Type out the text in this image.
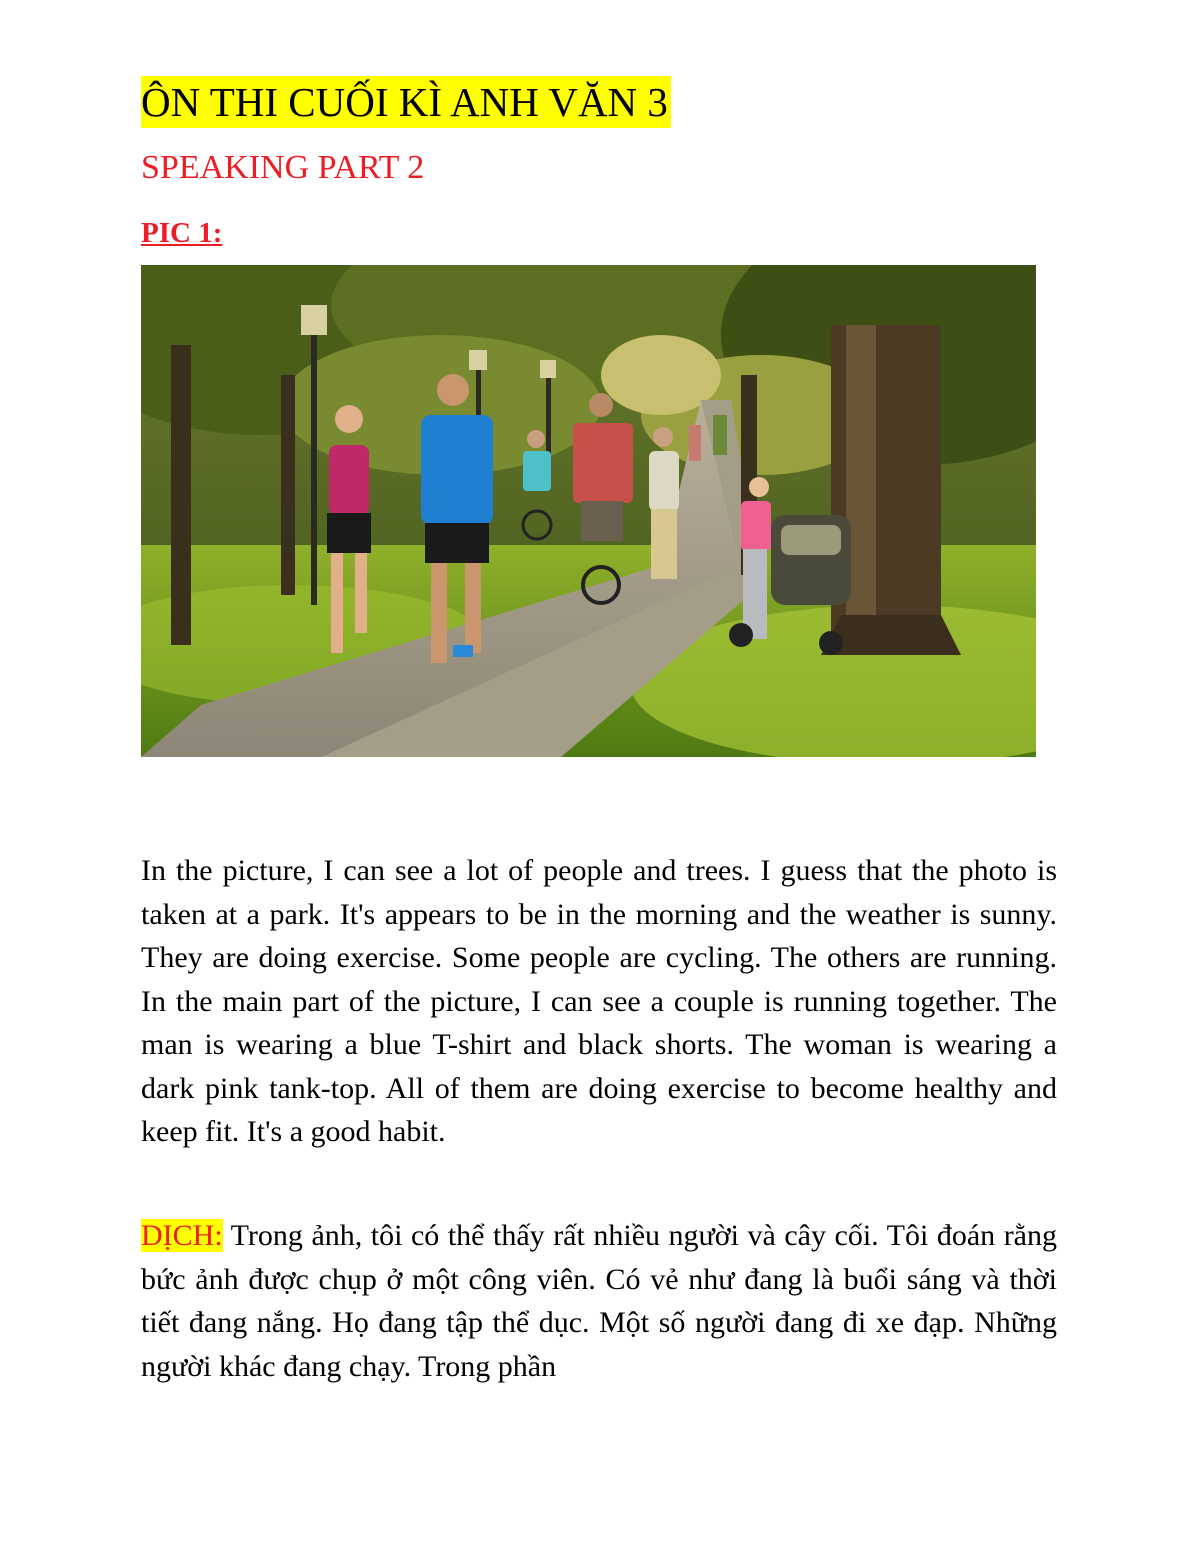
ÔN THI CUỐI KÌ ANH VĂN 3
SPEAKING PART 2
PIC 1:

In the picture, I can see a lot of people and trees. I guess that the photo is taken at a park. It's appears to be in the morning and the weather is sunny. They are doing exercise. Some people are cycling. The others are running. In the main part of the picture, I can see a couple is running together. The man is wearing a blue T-shirt and black shorts. The woman is wearing a dark pink tank-top. All of them are doing exercise to become healthy and keep fit. It's a good habit.

DỊCH: Trong ảnh, tôi có thể thấy rất nhiều người và cây cối. Tôi đoán rằng bức ảnh được chụp ở một công viên. Có vẻ như đang là buổi sáng và thời tiết đang nắng. Họ đang tập thể dục. Một số người đang đi xe đạp. Những người khác đang chạy. Trong phần
